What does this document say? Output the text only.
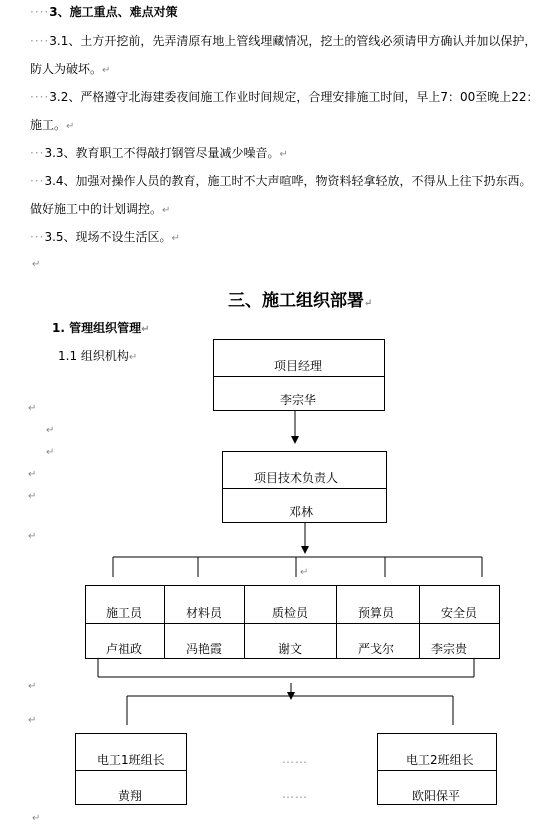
····3、施工重点、难点对策
····3.1、土方开挖前，先弄清原有地上管线埋藏情况，挖土的管线必须请甲方确认并加以保护，
防人为破坏。↵
····3.2、严格遵守北海建委夜间施工作业时间规定，合理安排施工时间，早上7：00至晚上22：
施工。↵
···3.3、教育职工不得敲打钢管尽量减少噪音。↵
···3.4、加强对操作人员的教育，施工时不大声喧哗，物资料轻拿轻放，不得从上往下扔东西。
做好施工中的计划调控。↵
···3.5、现场不设生活区。↵
↵
三、施工组织部署↵
1. 管理组织管理↵
1.1 组织机构↵
↵
↵
↵
↵
↵
↵
↵
↵
↵
↵
项目经理
李宗华
项目技术负责人
邓林
施工员	材料员	质检员	预算员	安全员
卢祖政	冯艳霞	谢文	严戈尔	李宗贵
电工1班组长
黄翔
……
……
电工2班组长
欧阳保平
